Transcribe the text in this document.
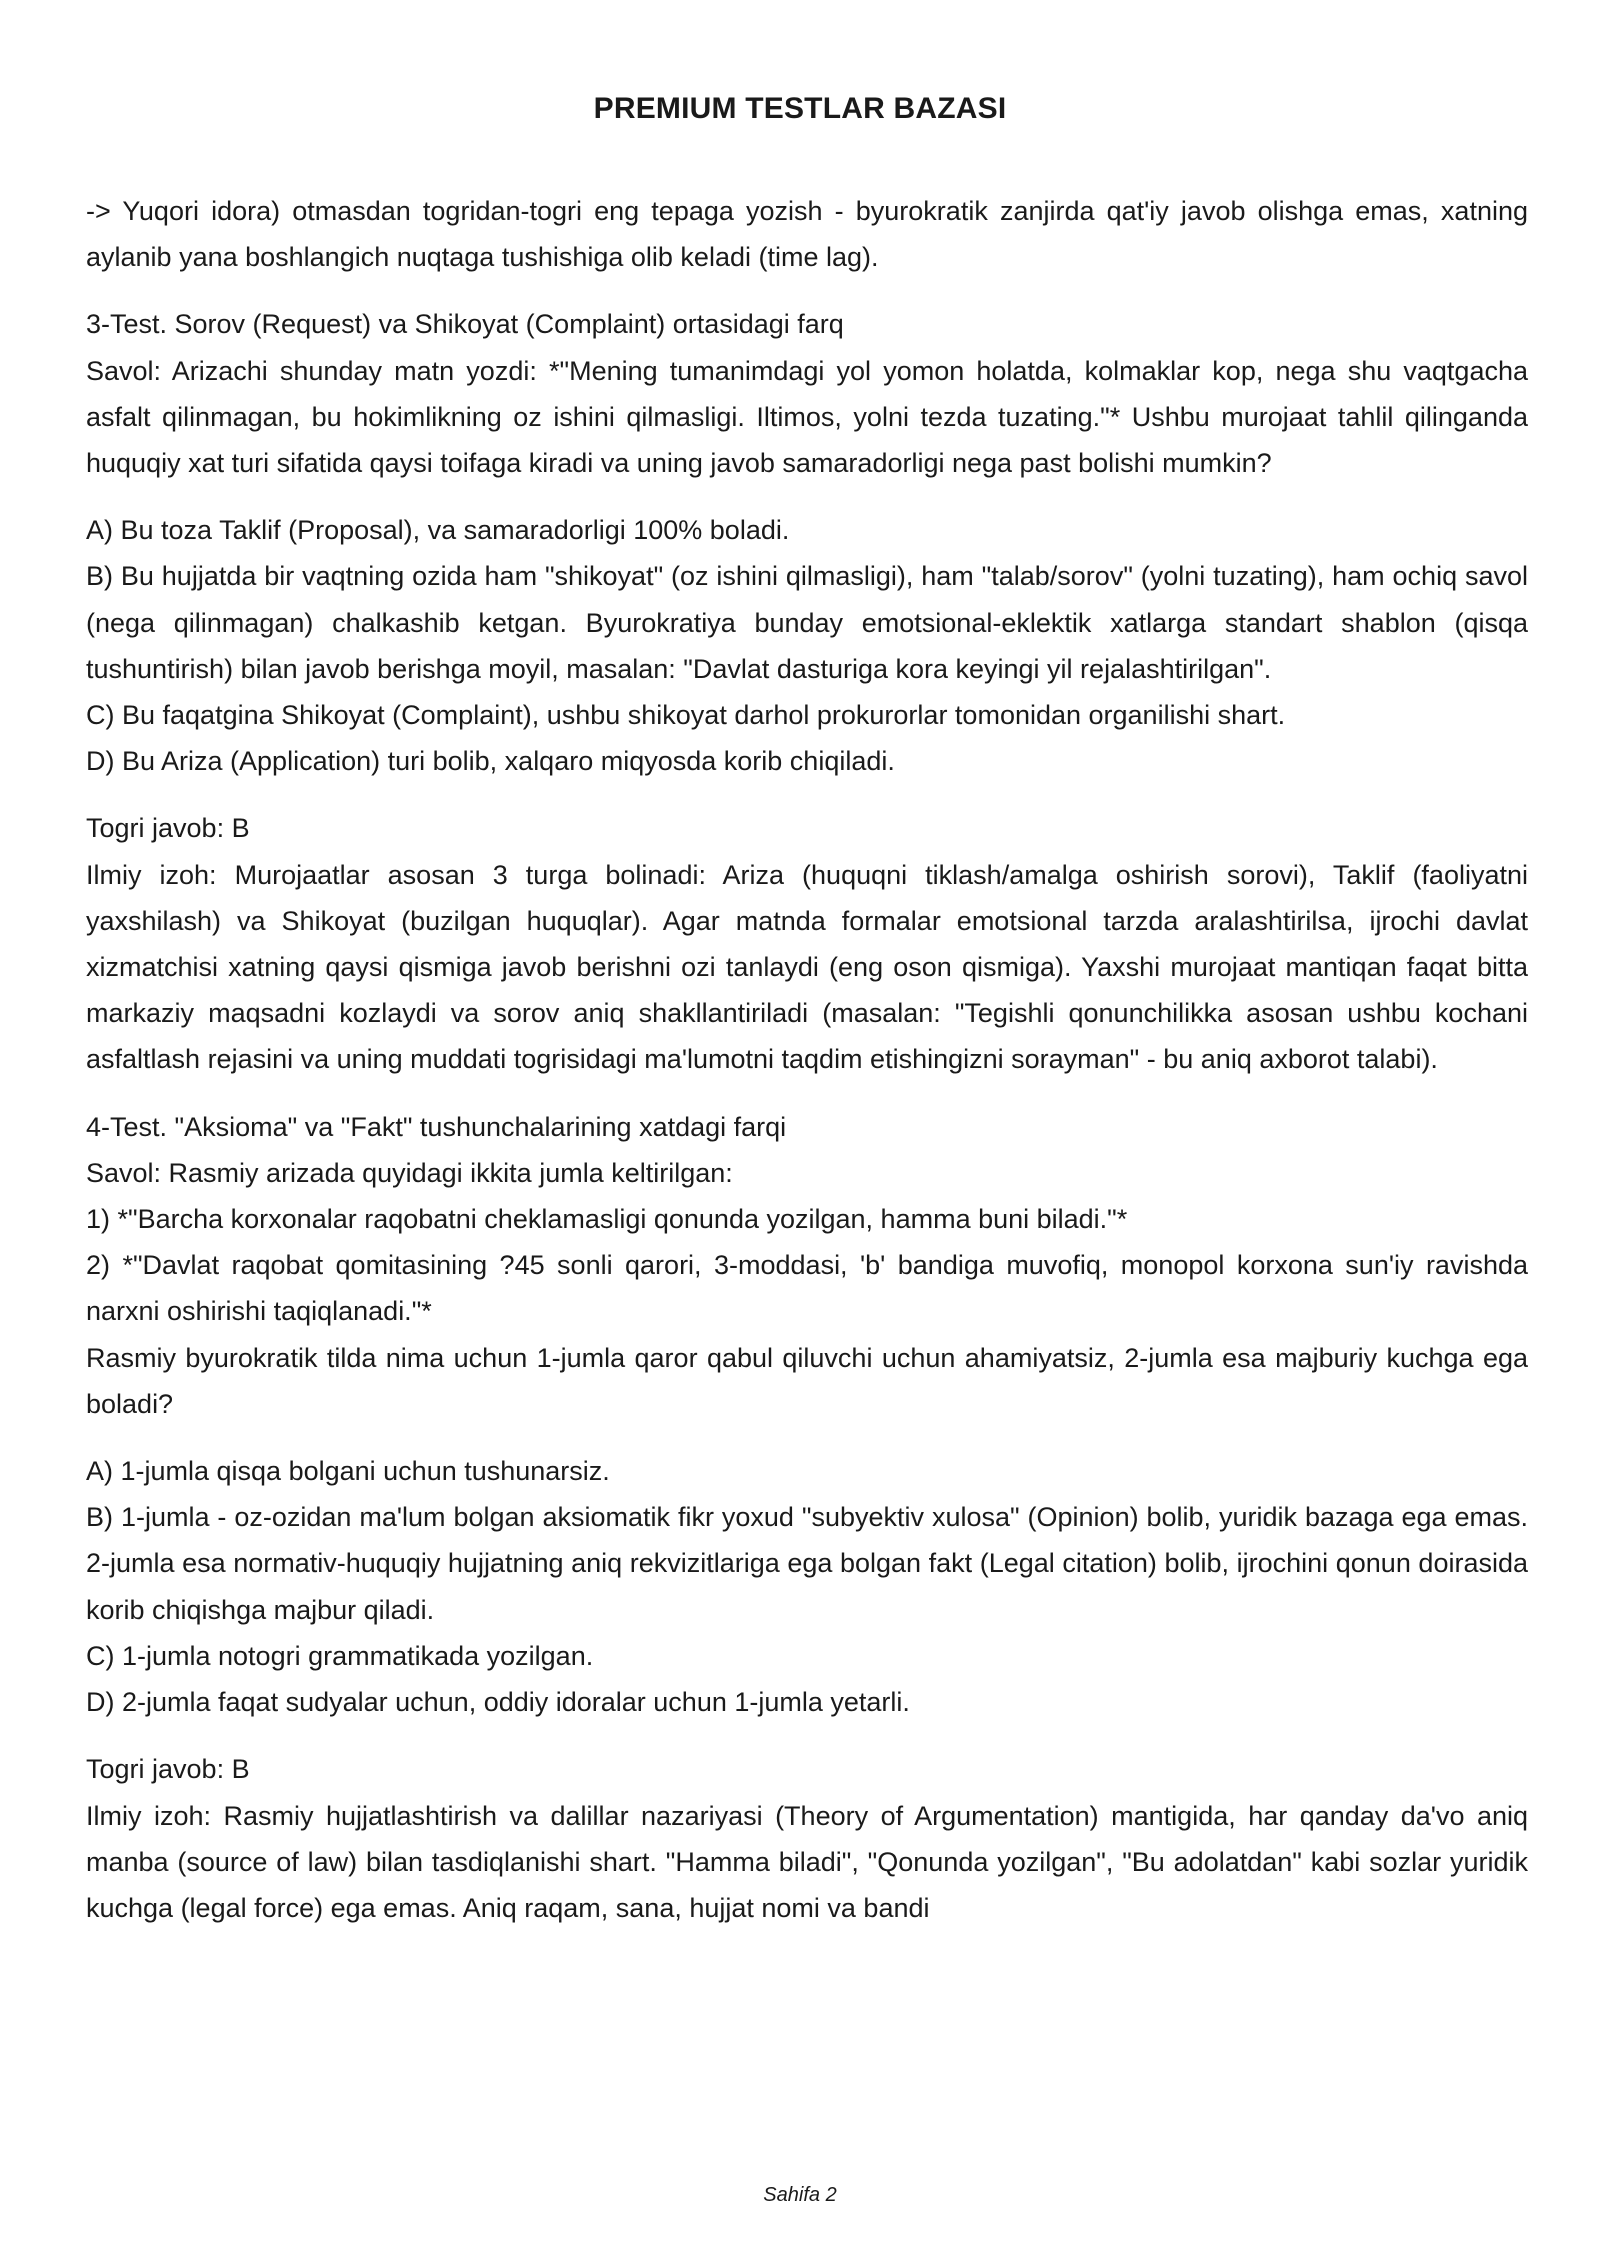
PREMIUM TESTLAR BAZASI

-> Yuqori idora) otmasdan togridan-togri eng tepaga yozish - byurokratik zanjirda qat'iy javob olishga emas, xatning aylanib yana boshlangich nuqtaga tushishiga olib keladi (time lag).

3-Test. Sorov (Request) va Shikoyat (Complaint) ortasidagi farq

Savol: Arizachi shunday matn yozdi: *"Mening tumanimdagi yol yomon holatda, kolmaklar kop, nega shu vaqtgacha asfalt qilinmagan, bu hokimlikning oz ishini qilmasligi. Iltimos, yolni tezda tuzating."* Ushbu murojaat tahlil qilinganda huquqiy xat turi sifatida qaysi toifaga kiradi va uning javob samaradorligi nega past bolishi mumkin?

A) Bu toza Taklif (Proposal), va samaradorligi 100% boladi.

B) Bu hujjatda bir vaqtning ozida ham "shikoyat" (oz ishini qilmasligi), ham "talab/sorov" (yolni tuzating), ham ochiq savol (nega qilinmagan) chalkashib ketgan. Byurokratiya bunday emotsional-eklektik xatlarga standart shablon (qisqa tushuntirish) bilan javob berishga moyil, masalan: "Davlat dasturiga kora keyingi yil rejalashtirilgan".

C) Bu faqatgina Shikoyat (Complaint), ushbu shikoyat darhol prokurorlar tomonidan organilishi shart.

D) Bu Ariza (Application) turi bolib, xalqaro miqyosda korib chiqiladi.

Togri javob: B

Ilmiy izoh: Murojaatlar asosan 3 turga bolinadi: Ariza (huquqni tiklash/amalga oshirish sorovi), Taklif (faoliyatni yaxshilash) va Shikoyat (buzilgan huquqlar). Agar matnda formalar emotsional tarzda aralashtirilsa, ijrochi davlat xizmatchisi xatning qaysi qismiga javob berishni ozi tanlaydi (eng oson qismiga). Yaxshi murojaat mantiqan faqat bitta markaziy maqsadni kozlaydi va sorov aniq shakllantiriladi (masalan: "Tegishli qonunchilikka asosan ushbu kochani asfaltlash rejasini va uning muddati togrisidagi ma'lumotni taqdim etishingizni sorayman" - bu aniq axborot talabi).

4-Test. "Aksioma" va "Fakt" tushunchalarining xatdagi farqi

Savol: Rasmiy arizada quyidagi ikkita jumla keltirilgan:

1) *"Barcha korxonalar raqobatni cheklamasligi qonunda yozilgan, hamma buni biladi."*

2) *"Davlat raqobat qomitasining ?45 sonli qarori, 3-moddasi, 'b' bandiga muvofiq, monopol korxona sun'iy ravishda narxni oshirishi taqiqlanadi."*

Rasmiy byurokratik tilda nima uchun 1-jumla qaror qabul qiluvchi uchun ahamiyatsiz, 2-jumla esa majburiy kuchga ega boladi?

A) 1-jumla qisqa bolgani uchun tushunarsiz.

B) 1-jumla - oz-ozidan ma'lum bolgan aksiomatik fikr yoxud "subyektiv xulosa" (Opinion) bolib, yuridik bazaga ega emas. 2-jumla esa normativ-huquqiy hujjatning aniq rekvizitlariga ega bolgan fakt (Legal citation) bolib, ijrochini qonun doirasida korib chiqishga majbur qiladi.

C) 1-jumla notogri grammatikada yozilgan.

D) 2-jumla faqat sudyalar uchun, oddiy idoralar uchun 1-jumla yetarli.

Togri javob: B

Ilmiy izoh: Rasmiy hujjatlashtirish va dalillar nazariyasi (Theory of Argumentation) mantigida, har qanday da'vo aniq manba (source of law) bilan tasdiqlanishi shart. "Hamma biladi", "Qonunda yozilgan", "Bu adolatdan" kabi sozlar yuridik kuchga (legal force) ega emas. Aniq raqam, sana, hujjat nomi va bandi

Sahifa 2
